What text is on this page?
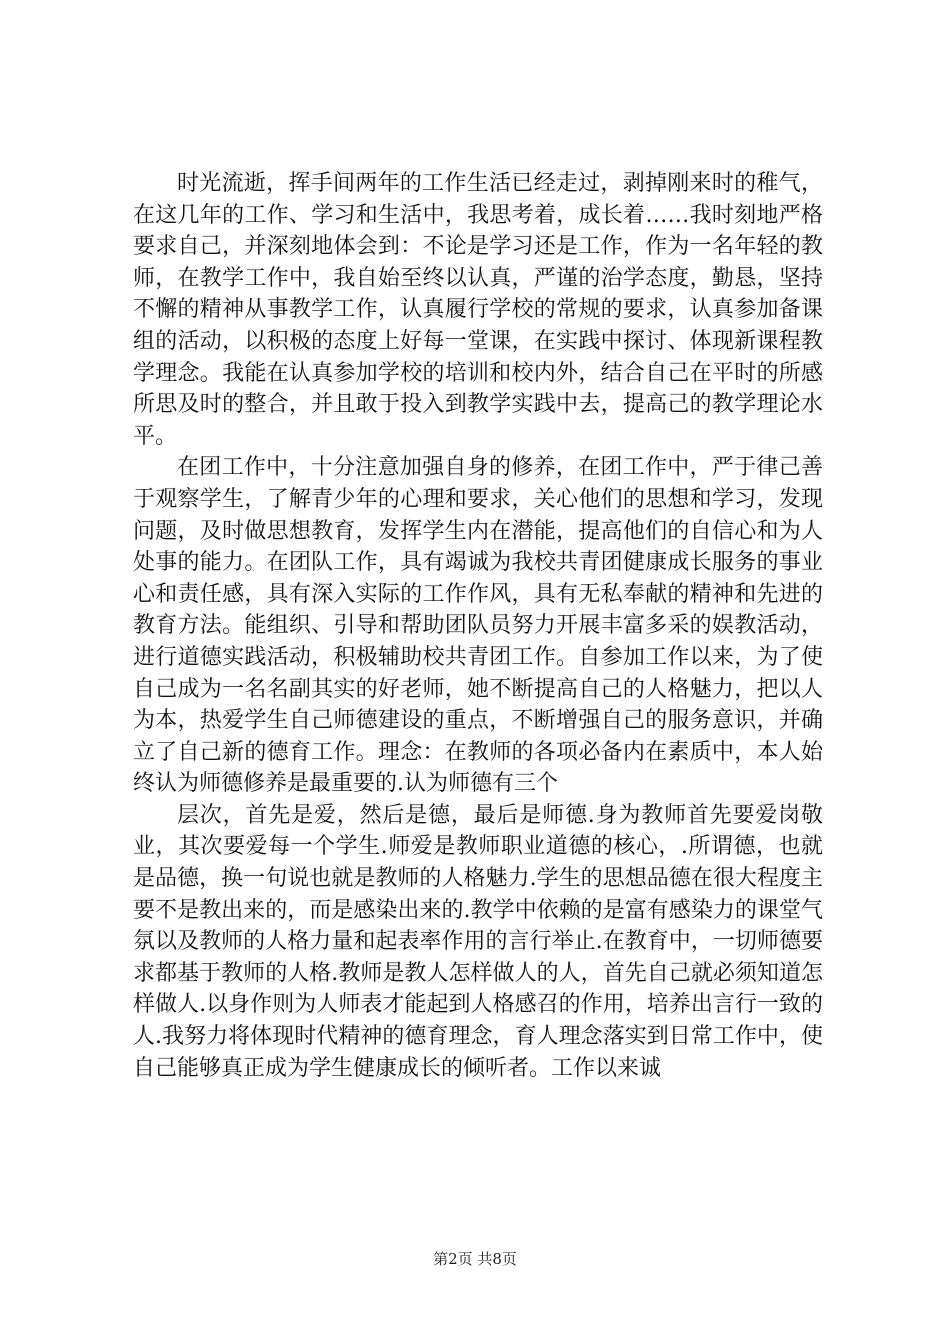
时光流逝，挥手间两年的工作生活已经走过，剥掉刚来时的稚气，在这几年的工作、学习和生活中，我思考着，成长着……我时刻地严格要求自己，并深刻地体会到：不论是学习还是工作，作为一名年轻的教师，在教学工作中，我自始至终以认真，严谨的治学态度，勤恳，坚持不懈的精神从事教学工作，认真履行学校的常规的要求，认真参加备课组的活动，以积极的态度上好每一堂课，在实践中探讨、体现新课程教学理念。我能在认真参加学校的培训和校内外，结合自己在平时的所感所思及时的整合，并且敢于投入到教学实践中去，提高己的教学理论水平。

在团工作中，十分注意加强自身的修养，在团工作中，严于律己善于观察学生，了解青少年的心理和要求，关心他们的思想和学习，发现问题，及时做思想教育，发挥学生内在潜能，提高他们的自信心和为人处事的能力。在团队工作，具有竭诚为我校共青团健康成长服务的事业心和责任感，具有深入实际的工作作风，具有无私奉献的精神和先进的教育方法。能组织、引导和帮助团队员努力开展丰富多采的娱教活动，进行道德实践活动，积极辅助校共青团工作。自参加工作以来，为了使自己成为一名名副其实的好老师，她不断提高自己的人格魅力，把以人为本，热爱学生自己师德建设的重点，不断增强自己的服务意识，并确立了自己新的德育工作。理念：在教师的各项必备内在素质中，本人始终认为师德修养是最重要的.认为师德有三个

层次，首先是爱，然后是德，最后是师德.身为教师首先要爱岗敬业，其次要爱每一个学生.师爱是教师职业道德的核心，.所谓德，也就是品德，换一句说也就是教师的人格魅力.学生的思想品德在很大程度主要不是教出来的，而是感染出来的.教学中依赖的是富有感染力的课堂气氛以及教师的人格力量和起表率作用的言行举止.在教育中，一切师德要求都基于教师的人格.教师是教人怎样做人的人，首先自己就必须知道怎样做人.以身作则为人师表才能起到人格感召的作用，培养出言行一致的人.我努力将体现时代精神的德育理念，育人理念落实到日常工作中，使自己能够真正成为学生健康成长的倾听者。工作以来诚

第2页 共8页
